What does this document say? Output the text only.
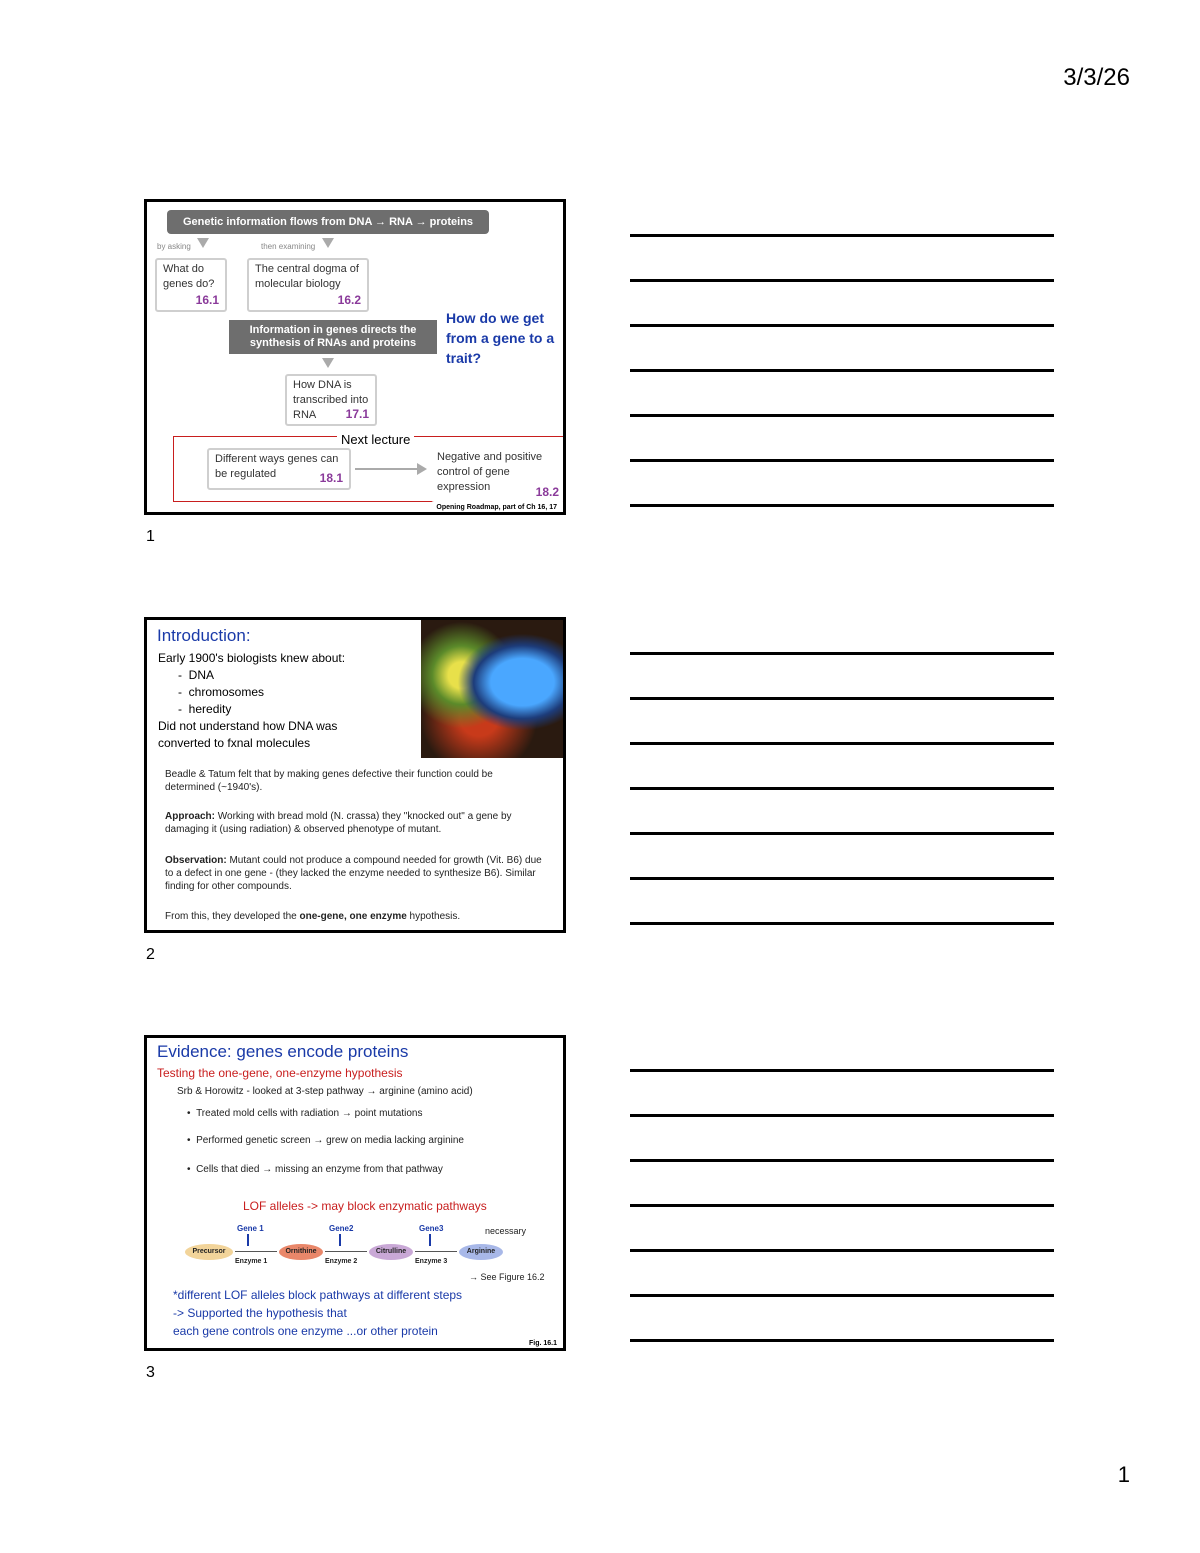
3/3/26
Genetic information flows from DNA → RNA → proteins
by asking	then examining
What do genes do?
16.1
The central dogma of molecular biology
16.2
Information in genes directs the synthesis of RNAs and proteins
How DNA is transcribed into RNA 17.1
How do we get from a gene to a trait?
Next lecture
Different ways genes can be regulated	18.1
Negative and positive control of gene expression	18.2
Opening Roadmap, part of Ch 16, 17
1
Introduction:
Early 1900's biologists knew about:
-  DNA
-  chromosomes
-  heredity
Did not understand how DNA was converted to fxnal molecules
Beadle & Tatum felt that by making genes defective their function could be determined (~1940's).
Approach: Working with bread mold (N. crassa) they "knocked out" a gene by damaging it (using radiation) & observed phenotype of mutant.
Observation: Mutant could not produce a compound needed for growth (Vit. B6) due to a defect in one gene - (they lacked the enzyme needed to synthesize B6). Similar finding for other compounds.
From this, they developed the one-gene, one enzyme hypothesis.
2
Evidence: genes encode proteins
Testing the one-gene, one-enzyme hypothesis
Srb & Horowitz - looked at 3-step pathway → arginine (amino acid)
•  Treated mold cells with radiation → point mutations
•  Performed genetic screen → grew on media lacking arginine
•  Cells that died → missing an enzyme from that pathway
LOF alleles -> may block enzymatic pathways
necessary
Gene 1	Gene2	Gene3
Precursor	Ornithine	Citrulline	Arginine
Enzyme 1	Enzyme 2	Enzyme 3
→ See Figure 16.2
*different LOF alleles block pathways at different steps
-> Supported the hypothesis that
each gene controls one enzyme ...or other protein
Fig. 16.1
3
1
